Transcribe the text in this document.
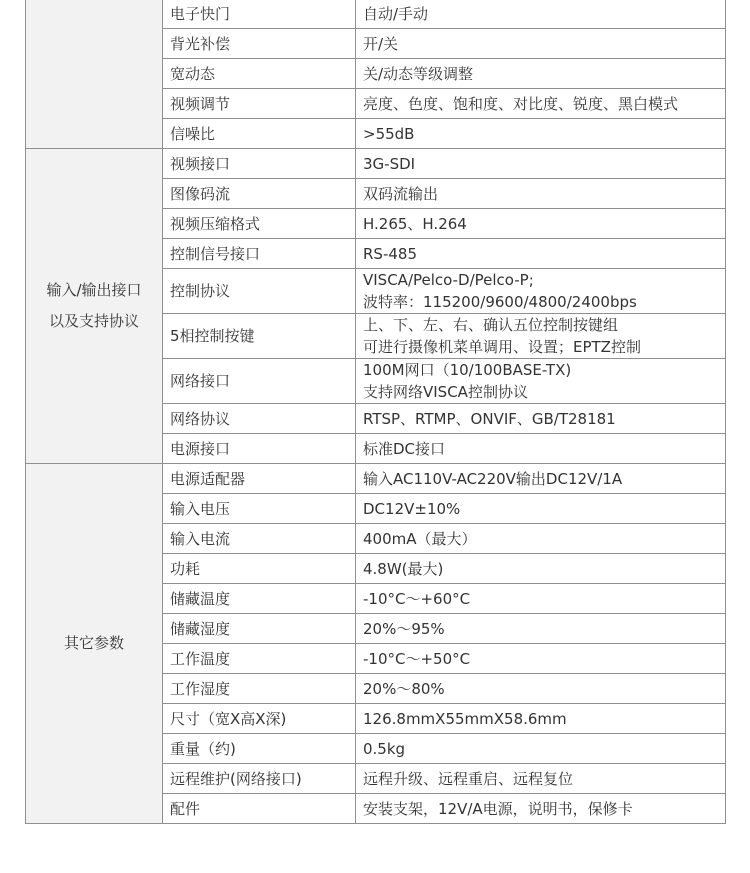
	电子快门	自动/手动

	背光补偿	开/关

	宽动态	关/动态等级调整

	视频调节	亮度、色度、饱和度、对比度、锐度、黑白模式

	信噪比	>55dB

输入/输出接口
以及支持协议	视频接口	3G-SDI

	图像码流	双码流输出

	视频压缩格式	H.265、H.264

	控制信号接口	RS-485

	控制协议	VISCA/Pelco-D/Pelco-P;
波特率：115200/9600/4800/2400bps

	5相控制按键	上、下、左、右、确认五位控制按键组
可进行摄像机菜单调用、设置；EPTZ控制

	网络接口	100M网口（10/100BASE-TX)
支持网络VISCA控制协议

	网络协议	RTSP、RTMP、ONVIF、GB/T28181

	电源接口	标准DC接口

其它参数	电源适配器	输入AC110V-AC220V输出DC12V/1A

	输入电压	DC12V±10%

	输入电流	400mA（最大）

	功耗	4.8W(最大)

	储藏温度	-10°C～+60°C

	储藏湿度	20%～95%

	工作温度	-10°C～+50°C

	工作湿度	20%～80%

	尺寸（宽X高X深)	126.8mmX55mmX58.6mm

	重量（约)	0.5kg

	远程维护(网络接口)	远程升级、远程重启、远程复位

	配件	安装支架，12V/A电源，说明书，保修卡
